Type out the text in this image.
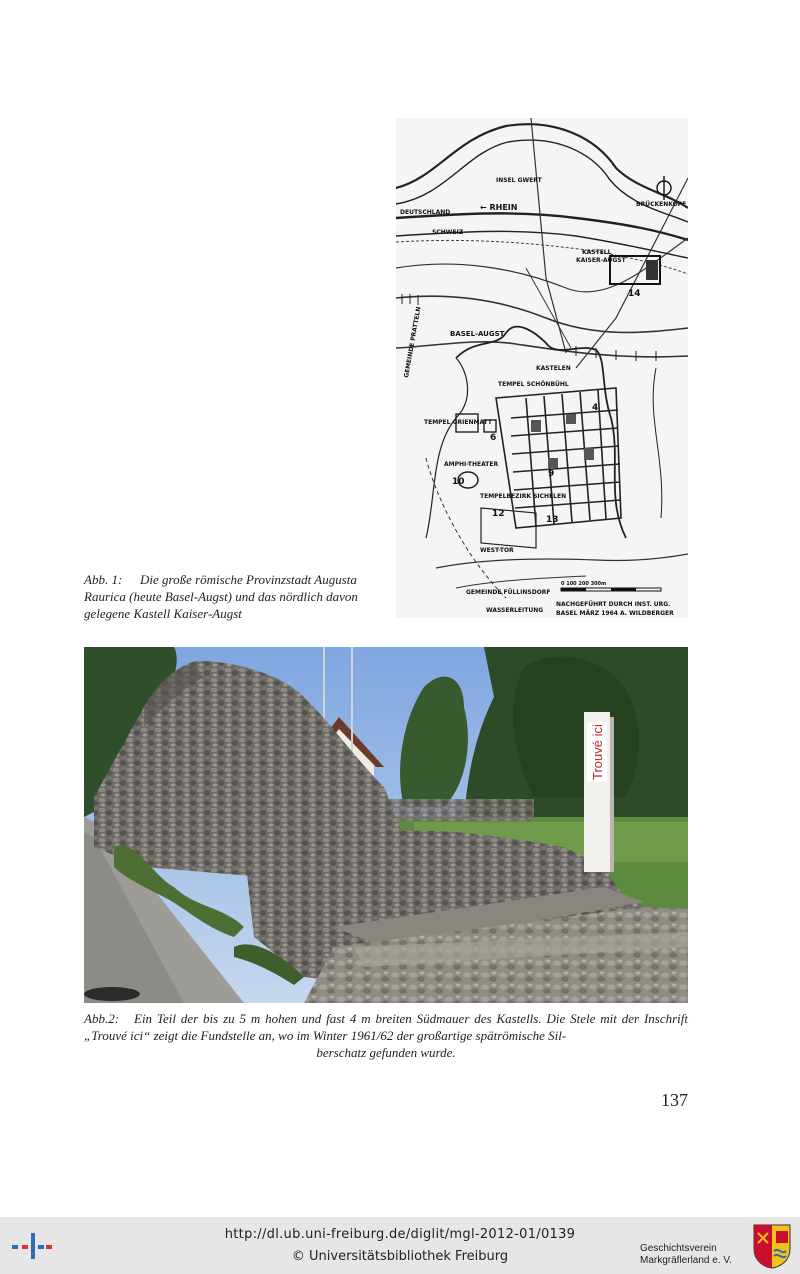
INSEL GWERT
DEUTSCHLAND
← RHEIN
SCHWEIZ
BRÜCKENKOPF
KASTELL
KAISER-AUGST
14
BASEL-AUGST
KASTELEN
TEMPEL SCHÖNBÜHL
TEMPEL GRIENMATT
6
4
9
AMPHI-THEATER
10
TEMPELBEZIRK SICHELEN
12
13
WEST-TOR
GEMEINDE FÜLLINSDORF
GEMEINDE PRATTELN
WASSERLEITUNG
0 100 200 300m
NACHGEFÜHRT DURCH INST. URG.
BASEL MÄRZ 1964 A. WILDBERGER
Abb. 1: Die große römische Provinzstadt Augusta Raurica (heute Basel-Augst) und das nördlich davon gelegene Kastell Kaiser-Augst
Trouvé ici
Abb.2: Ein Teil der bis zu 5 m hohen und fast 4 m breiten Südmauer des Kastells. Die Stele mit der Inschrift „Trouvé ici“ zeigt die Fundstelle an, wo im Winter 1961/62 der großartige spätrömische Sil-
berschatz gefunden wurde.
137
http://dl.ub.uni-freiburg.de/diglit/mgl-2012-01/0139
© Universitätsbibliothek Freiburg
Geschichtsverein
Markgräflerland e. V.
